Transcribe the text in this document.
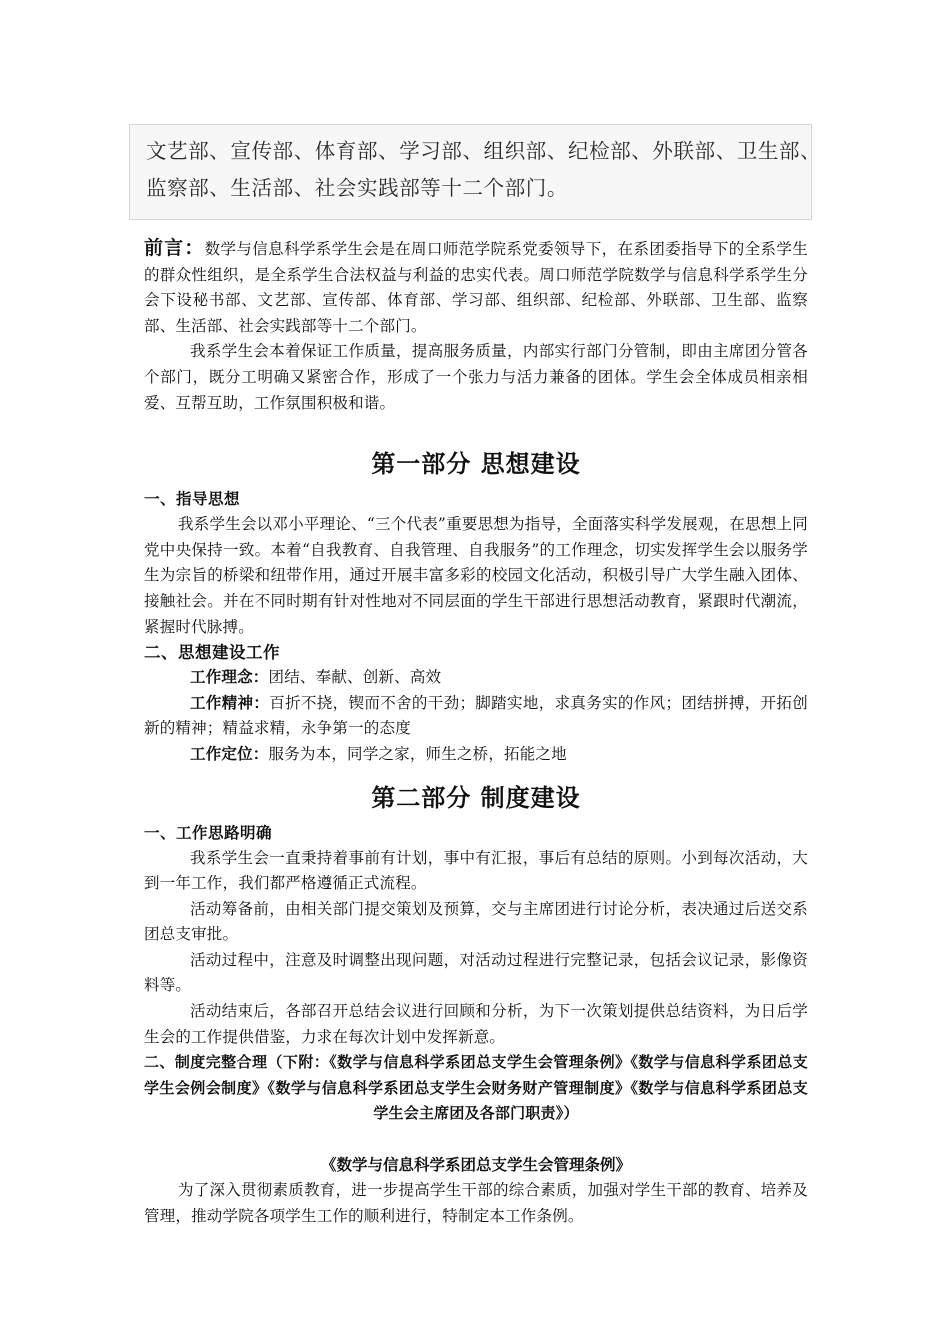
文艺部、宣传部、体育部、学习部、组织部、纪检部、外联部、卫生部、

监察部、生活部、社会实践部等十二个部门。

前言：数学与信息科学系学生会是在周口师范学院系党委领导下，在系团委指导下的全系学生的群众性组织，是全系学生合法权益与利益的忠实代表。周口师范学院数学与信息科学系学生分会下设秘书部、文艺部、宣传部、体育部、学习部、组织部、纪检部、外联部、卫生部、监察部、生活部、社会实践部等十二个部门。

我系学生会本着保证工作质量，提高服务质量，内部实行部门分管制，即由主席团分管各个部门，既分工明确又紧密合作，形成了一个张力与活力兼备的团体。学生会全体成员相亲相爱、互帮互助，工作氛围积极和谐。

第一部分 思想建设
一、指导思想

我系学生会以邓小平理论、“三个代表”重要思想为指导，全面落实科学发展观，在思想上同党中央保持一致。本着“自我教育、自我管理、自我服务”的工作理念，切实发挥学生会以服务学生为宗旨的桥梁和纽带作用，通过开展丰富多彩的校园文化活动，积极引导广大学生融入团体、接触社会。并在不同时期有针对性地对不同层面的学生干部进行思想活动教育，紧跟时代潮流，紧握时代脉搏。

二、思想建设工作

工作理念：团结、奉献、创新、高效

工作精神：百折不挠，锲而不舍的干劲；脚踏实地，求真务实的作风；团结拼搏，开拓创新的精神；精益求精，永争第一的态度

工作定位：服务为本，同学之家，师生之桥，拓能之地

第二部分 制度建设
一、工作思路明确

我系学生会一直秉持着事前有计划，事中有汇报，事后有总结的原则。小到每次活动，大到一年工作，我们都严格遵循正式流程。

活动筹备前，由相关部门提交策划及预算，交与主席团进行讨论分析，表决通过后送交系团总支审批。

活动过程中，注意及时调整出现问题，对活动过程进行完整记录，包括会议记录，影像资料等。

活动结束后，各部召开总结会议进行回顾和分析，为下一次策划提供总结资料，为日后学生会的工作提供借鉴，力求在每次计划中发挥新意。

二、制度完整合理（下附：《数学与信息科学系团总支学生会管理条例》《数学与信息科学系团总支学生会例会制度》《数学与信息科学系团总支学生会财务财产管理制度》《数学与信息科学系团总支学生会主席团及各部门职责》）

《数学与信息科学系团总支学生会管理条例》

为了深入贯彻素质教育，进一步提高学生干部的综合素质，加强对学生干部的教育、培养及管理，推动学院各项学生工作的顺利进行，特制定本工作条例。
